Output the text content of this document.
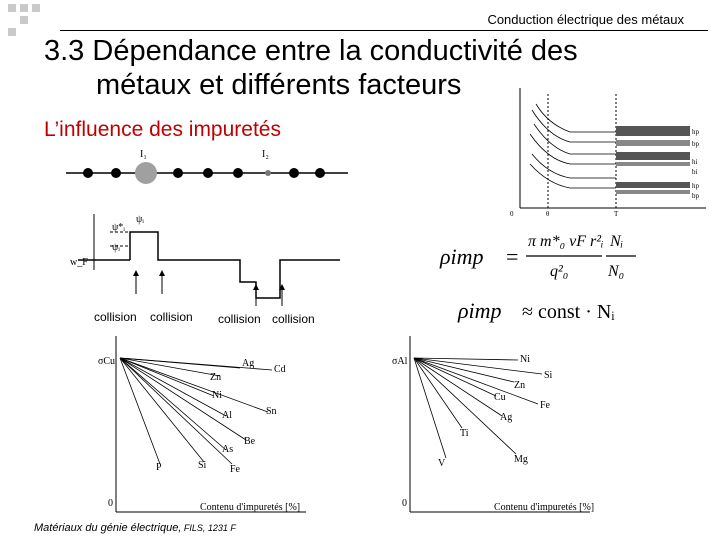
Conduction électrique des métaux
3.3 Dépendance entre la conductivité des
métaux et différents facteurs
L’influence des impuretés
I₁	I₂
ψ*ᵢ
ψᵢ
w_F
ψᵢ
collision collision collision collision
hp
bp
hi
bi
hp
bp
0	θ	T
ρimp =
π m*₀ vF r²ᵢ
q²₀
Nᵢ
N₀
ρimp ≈ const · Nᵢ
σCu
0	Contenu d'impuretés [%]
Ag
Cd
Zn
Ni
Al	Sn
Be
As
P	Si Fe
σAl
0	Contenu d'impuretés [%]
Ni
Si
Zn
Cu
Fe
Ag
Ti
V	Mg
Matériaux du génie électrique, FILS, 1231 F
